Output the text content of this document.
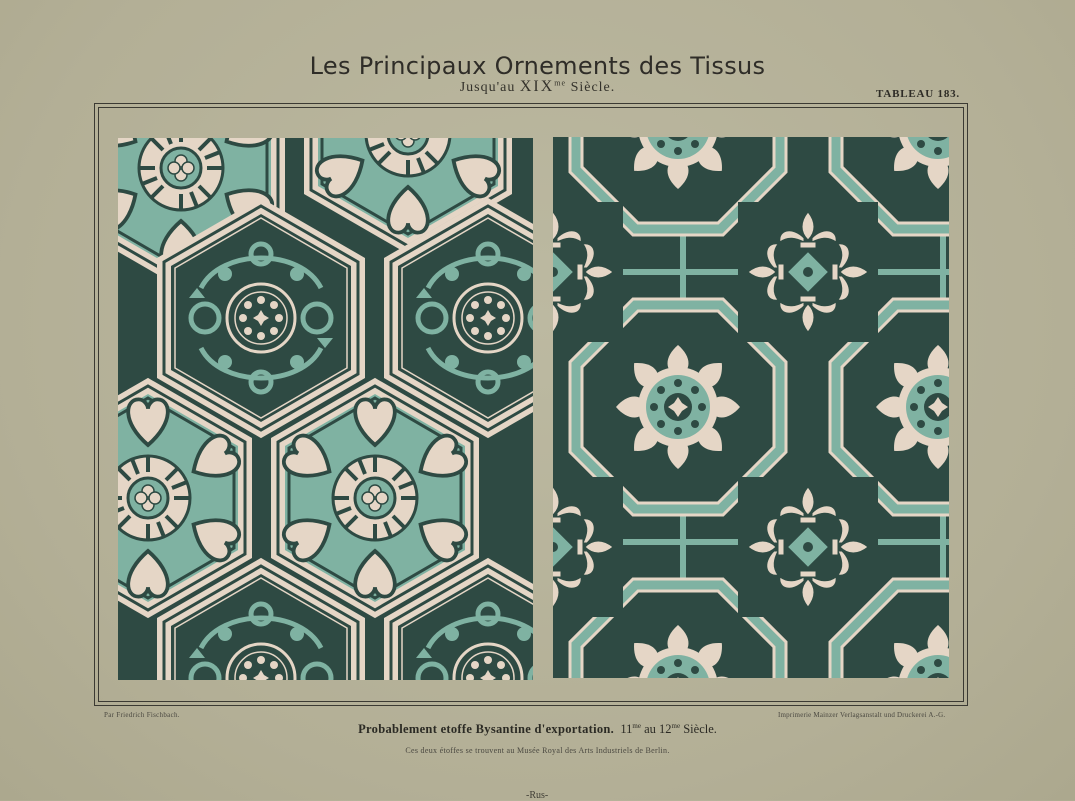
Les Principaux Ornements des Tissus
Jusqu'au $XIX^{me}$ Siècle.	TABLEAU 183.
Par Friedrich Fischbach.	Imprimerie Mainzer Verlagsanstalt und Druckerei A.-G.
Probablement etoffe Bysantine d'exportation. $11^{me}$ au $12^{me}$ Siècle.
Ces deux étoffes se trouvent au Musée Royal des Arts Industriels de Berlin.
-Rus-
